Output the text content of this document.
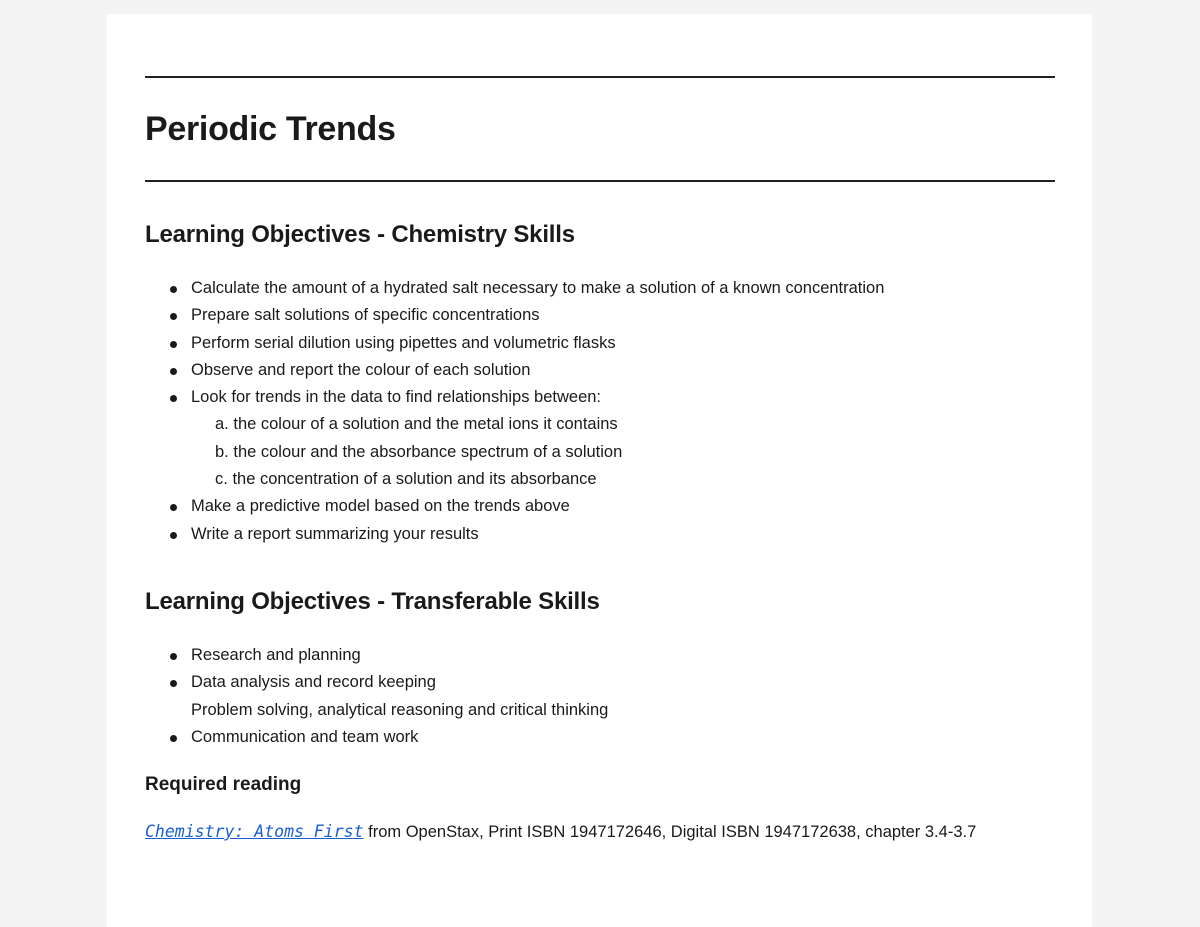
Periodic Trends
Learning Objectives - Chemistry Skills
Calculate the amount of a hydrated salt necessary to make a solution of a known concentration
Prepare salt solutions of specific concentrations
Perform serial dilution using pipettes and volumetric flasks
Observe and report the colour of each solution
Look for trends in the data to find relationships between:
a. the colour of a solution and the metal ions it contains
b. the colour and the absorbance spectrum of a solution
c. the concentration of a solution and its absorbance
Make a predictive model based on the trends above
Write a report summarizing your results
Learning Objectives - Transferable Skills
Research and planning
Data analysis and record keeping
Problem solving, analytical reasoning and critical thinking
Communication and team work
Required reading
Chemistry: Atoms First from OpenStax, Print ISBN 1947172646, Digital ISBN 1947172638, chapter 3.4-3.7
